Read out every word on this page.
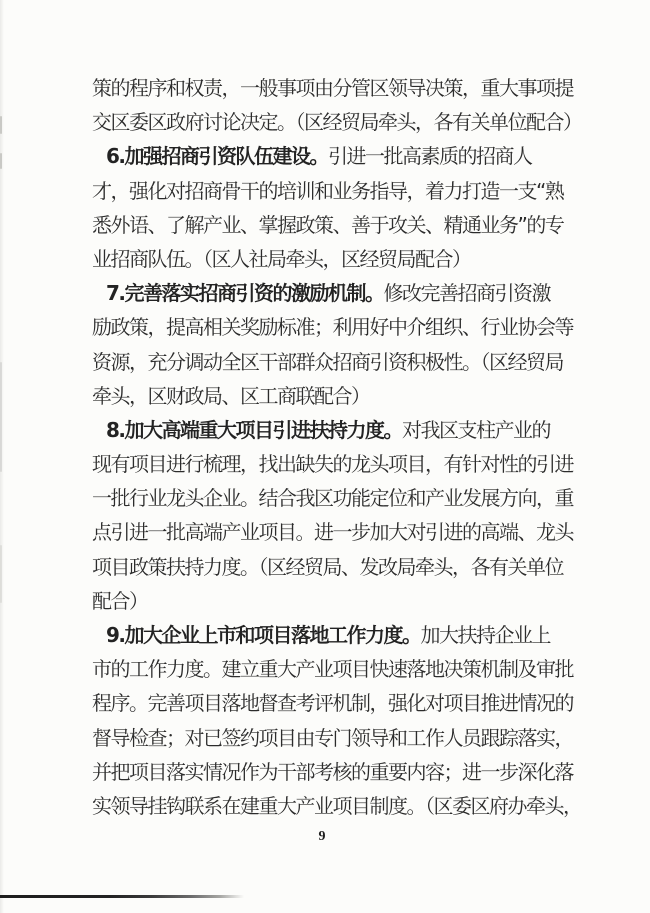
策的程序和权责，一般事项由分管区领导决策，重大事项提
交区委区政府讨论决定。（区经贸局牵头，各有关单位配合）
6.加强招商引资队伍建设。引进一批高素质的招商人
才，强化对招商骨干的培训和业务指导，着力打造一支“熟
悉外语、了解产业、掌握政策、善于攻关、精通业务”的专
业招商队伍。（区人社局牵头，区经贸局配合）
7.完善落实招商引资的激励机制。修改完善招商引资激
励政策，提高相关奖励标准；利用好中介组织、行业协会等
资源，充分调动全区干部群众招商引资积极性。（区经贸局
牵头，区财政局、区工商联配合）
8.加大高端重大项目引进扶持力度。对我区支柱产业的
现有项目进行梳理，找出缺失的龙头项目，有针对性的引进
一批行业龙头企业。结合我区功能定位和产业发展方向，重
点引进一批高端产业项目。进一步加大对引进的高端、龙头
项目政策扶持力度。（区经贸局、发改局牵头，各有关单位
配合）
9.加大企业上市和项目落地工作力度。加大扶持企业上
市的工作力度。建立重大产业项目快速落地决策机制及审批
程序。完善项目落地督查考评机制，强化对项目推进情况的
督导检查；对已签约项目由专门领导和工作人员跟踪落实，
并把项目落实情况作为干部考核的重要内容；进一步深化落
实领导挂钩联系在建重大产业项目制度。（区委区府办牵头，
9
